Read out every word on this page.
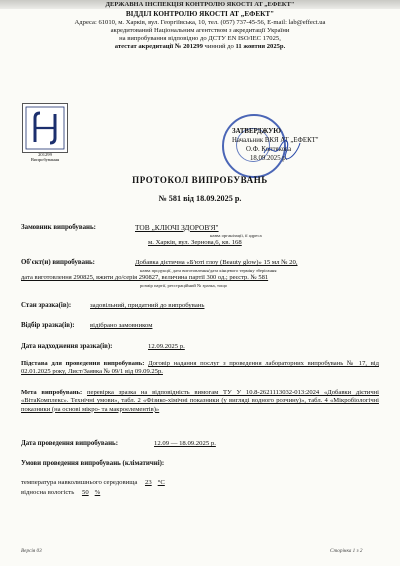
ДЕРЖАВНА ІНСПЕКЦІЯ КОНТРОЛЮ ЯКОСТІ АТ „ЕФЕКТ"
ВІДДІЛ КОНТРОЛЮ ЯКОСТІ АТ „ЕФЕКТ"
Адреса: 61010, м. Харків, вул. Георгіївська, 10, тел. (057) 737-45-56, E-mail: lab@effect.ua
акредитований Національним агентством з акредитації України
на випробування відповідно до ДСТУ EN ISO/IEC 17025,
атестат акредитації № 201299 чинний до 11 жовтня 2025р.
201299
Випробування
ЗАТВЕРДЖУЮ
Начальник ВКЯ АТ „ЕФЕКТ"
О.Ф. Коптякова
18.09.2025 р.
ПРОТОКОЛ ВИПРОБУВАНЬ
№ 581 від 18.09.2025 р.
Замовник випробувань:	ТОВ „КЛЮЧІ ЗДОРОВ'Я"
назва організації, її адреса
м. Харків, вул. Зернова,6, кв. 168
Об'єкт(и) випробувань:	Добавка дієтична «Б'юті глоу (Beauty glow)» 15 мл № 20,
назва продукції, дата виготовлення/дата кінцевого терміну зберігання
дата виготовлення 290825, вжити до/серія 290827, величина партії 300 од.; реєстр. № 581
розмір партії, реєстраційний № зразка, тощо
Стан зразка(ів):	задовільний, придатний до випробувань
Відбір зразка(ів): відібрано замовником
Дата надходження зразка(ів):	12.09.2025 р.
Підстава для проведення випробувань: Договір надання послуг з проведення лабораторних випробувань № 17, від 02.01.2025 року, Лист/Заявка № 09/1 від 09.09.25р.
Мета випробувань: перевірка зразка на відповідність вимогам ТУ У 10.8-2621113032-013:2024 «Добавки дієтичні «ВітаКомплекс». Технічні умови», табл. 2 «Фізико-хімічні показники (у вигляді водного розчину)», табл. 4 «Мікробіологічні показники (на основі мікро- та макроелементів)»
Дата проведення випробувань:	12.09 — 18.09.2025 р.
Умови проведення випробувань (кліматичні):
температура навколишнього середовища 23 °C
відносна вологість 50 %
Версія 03	Сторінка 1 з 2
